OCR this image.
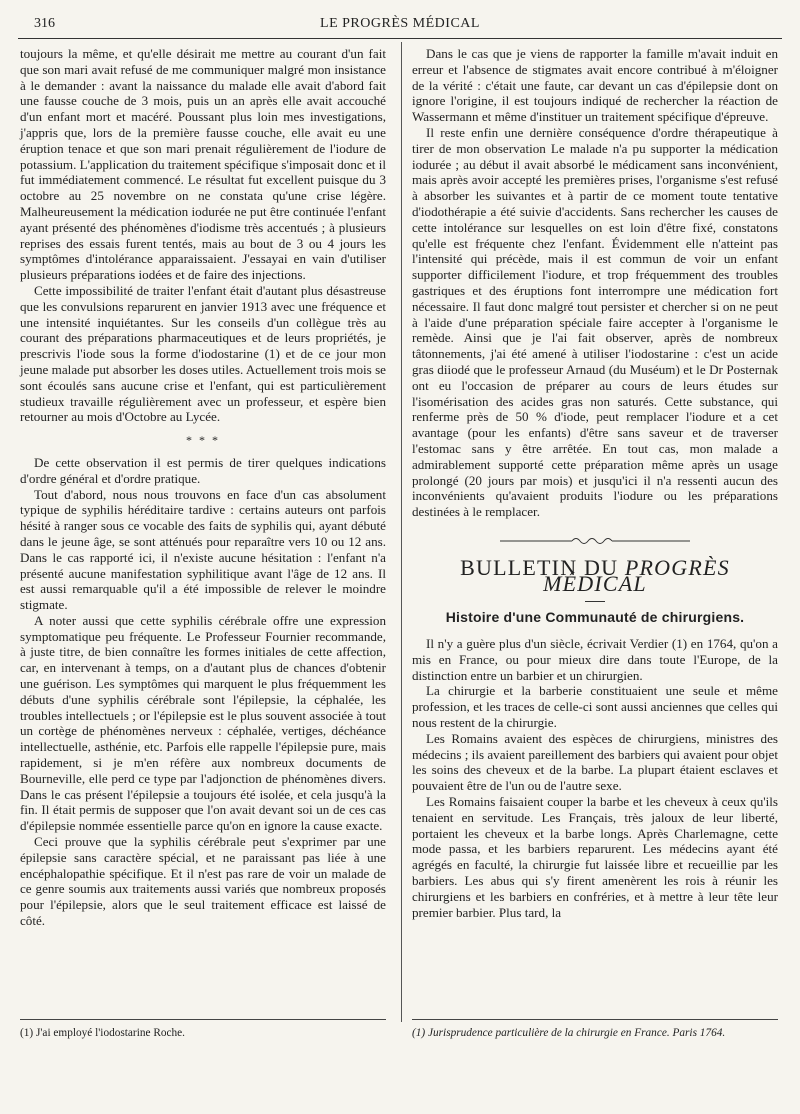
316	LE PROGRÈS MÉDICAL

toujours la même, et qu'elle désirait me mettre au courant d'un fait que son mari avait refusé de me communiquer malgré mon insistance à le demander : avant la naissance du malade elle avait d'abord fait une fausse couche de 3 mois, puis un an après elle avait accouché d'un enfant mort et macéré. Poussant plus loin mes investigations, j'appris que, lors de la première fausse couche, elle avait eu une éruption tenace et que son mari prenait régulièrement de l'iodure de potassium. L'application du traitement spécifique s'imposait donc et il fut immédiatement commencé. Le résultat fut excellent puisque du 3 octobre au 25 novembre on ne constata qu'une crise légère. Malheureusement la médication iodurée ne put être continuée l'enfant ayant présenté des phénomènes d'iodisme très accentués ; à plusieurs reprises des essais furent tentés, mais au bout de 3 ou 4 jours les symptômes d'intolérance apparaissaient. J'essayai en vain d'utiliser plusieurs préparations iodées et de faire des injections.

Cette impossibilité de traiter l'enfant était d'autant plus désastreuse que les convulsions reparurent en janvier 1913 avec une fréquence et une intensité inquiétantes. Sur les conseils d'un collègue très au courant des préparations pharmaceutiques et de leurs propriétés, je prescrivis l'iode sous la forme d'iodostarine (1) et de ce jour mon jeune malade put absorber les doses utiles. Actuellement trois mois se sont écoulés sans aucune crise et l'enfant, qui est particulièrement studieux travaille régulièrement avec un professeur, et espère bien retourner au mois d'Octobre au Lycée.

* * *

De cette observation il est permis de tirer quelques indications d'ordre général et d'ordre pratique.

Tout d'abord, nous nous trouvons en face d'un cas absolument typique de syphilis héréditaire tardive : certains auteurs ont parfois hésité à ranger sous ce vocable des faits de syphilis qui, ayant débuté dans le jeune âge, se sont atténués pour reparaître vers 10 ou 12 ans. Dans le cas rapporté ici, il n'existe aucune hésitation : l'enfant n'a présenté aucune manifestation syphilitique avant l'âge de 12 ans. Il est aussi remarquable qu'il a été impossible de relever le moindre stigmate.

A noter aussi que cette syphilis cérébrale offre une expression symptomatique peu fréquente. Le Professeur Fournier recommande, à juste titre, de bien connaître les formes initiales de cette affection, car, en intervenant à temps, on a d'autant plus de chances d'obtenir une guérison. Les symptômes qui marquent le plus fréquemment les débuts d'une syphilis cérébrale sont l'épilepsie, la céphalée, les troubles intellectuels ; or l'épilepsie est le plus souvent associée à tout un cortège de phénomènes nerveux : céphalée, vertiges, déchéance intellectuelle, asthénie, etc. Parfois elle rappelle l'épilepsie pure, mais rapidement, si je m'en réfère aux nombreux documents de Bourneville, elle perd ce type par l'adjonction de phénomènes divers. Dans le cas présent l'épilepsie a toujours été isolée, et cela jusqu'à la fin. Il était permis de supposer que l'on avait devant soi un de ces cas d'épilepsie nommée essentielle parce qu'on en ignore la cause exacte.

Ceci prouve que la syphilis cérébrale peut s'exprimer par une épilepsie sans caractère spécial, et ne paraissant pas liée à une encéphalopathie spécifique. Et il n'est pas rare de voir un malade de ce genre soumis aux traitements aussi variés que nombreux proposés pour l'épilepsie, alors que le seul traitement efficace est laissé de côté.

Dans le cas que je viens de rapporter la famille m'avait induit en erreur et l'absence de stigmates avait encore contribué à m'éloigner de la vérité : c'était une faute, car devant un cas d'épilepsie dont on ignore l'origine, il est toujours indiqué de rechercher la réaction de Wassermann et même d'instituer un traitement spécifique d'épreuve.

Il reste enfin une dernière conséquence d'ordre thérapeutique à tirer de mon observation Le malade n'a pu supporter la médication iodurée ; au début il avait absorbé le médicament sans inconvénient, mais après avoir accepté les premières prises, l'organisme s'est refusé à absorber les suivantes et à partir de ce moment toute tentative d'iodothérapie a été suivie d'accidents. Sans rechercher les causes de cette intolérance sur lesquelles on est loin d'être fixé, constatons qu'elle est fréquente chez l'enfant. Évidemment elle n'atteint pas l'intensité qui précède, mais il est commun de voir un enfant supporter difficilement l'iodure, et trop fréquemment des troubles gastriques et des éruptions font interrompre une médication fort nécessaire. Il faut donc malgré tout persister et chercher si on ne peut à l'aide d'une préparation spéciale faire accepter à l'organisme le remède. Ainsi que je l'ai fait observer, après de nombreux tâtonnements, j'ai été amené à utiliser l'iodostarine : c'est un acide gras diiodé que le professeur Arnaud (du Muséum) et le Dr Posternak ont eu l'occasion de préparer au cours de leurs études sur l'isomérisation des acides gras non saturés. Cette substance, qui renferme près de 50 % d'iode, peut remplacer l'iodure et a cet avantage (pour les enfants) d'être sans saveur et de traverser l'estomac sans y être arrêtée. En tout cas, mon malade a admirablement supporté cette préparation même après un usage prolongé (20 jours par mois) et jusqu'ici il n'a ressenti aucun des inconvénients qu'avaient produits l'iodure ou les préparations destinées à le remplacer.

BULLETIN DU PROGRÈS MÉDICAL
Histoire d'une Communauté de chirurgiens.

Il n'y a guère plus d'un siècle, écrivait Verdier (1) en 1764, qu'on a mis en France, ou pour mieux dire dans toute l'Europe, de la distinction entre un barbier et un chirurgien.

La chirurgie et la barberie constituaient une seule et même profession, et les traces de celle-ci sont aussi anciennes que celles qui nous restent de la chirurgie.

Les Romains avaient des espèces de chirurgiens, ministres des médecins ; ils avaient pareillement des barbiers qui avaient pour objet les soins des cheveux et de la barbe. La plupart étaient esclaves et pouvaient être de l'un ou de l'autre sexe.

Les Romains faisaient couper la barbe et les cheveux à ceux qu'ils tenaient en servitude. Les Français, très jaloux de leur liberté, portaient les cheveux et la barbe longs. Après Charlemagne, cette mode passa, et les barbiers reparurent. Les médecins ayant été agrégés en faculté, la chirurgie fut laissée libre et recueillie par les barbiers. Les abus qui s'y firent amenèrent les rois à réunir les chirurgiens et les barbiers en confréries, et à mettre à leur tête leur premier barbier. Plus tard, la

(1) J'ai employé l'iodostarine Roche.	(1) Jurisprudence particulière de la chirurgie en France. Paris 1764.
